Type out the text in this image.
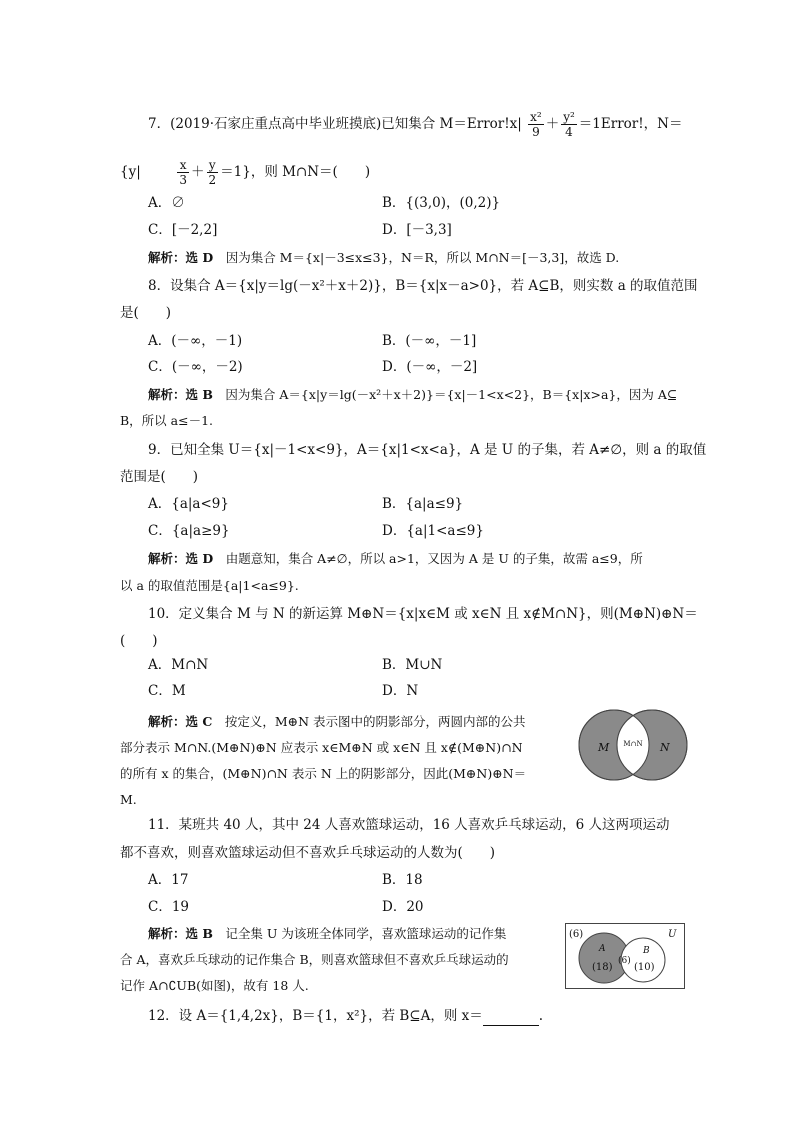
7．(2019·石家庄重点高中毕业班摸底)已知集合 M＝Error!x| $\frac{\text{x²}}{9} + \frac{\text{y²}}{4}$ ＝1Error!，N＝
{y|	$\frac{x}{3} + \frac{y}{2} =1$}，则 M∩N＝(　　)
A．∅	B．{(3,0)，(0,2)}
C．[－2,2]	D．[－3,3]
解析：选 D　因为集合 M＝{x|－3≤x≤3}，N＝R，所以 M∩N＝[－3,3]，故选 D.
8．设集合 A＝{x|y＝lg(－x²＋x＋2)}，B＝{x|x－a>0}，若 A⊆B，则实数 a 的取值范围
是(　　)
A．(－∞，－1)	B．(－∞，－1]
C．(－∞，－2)	D．(－∞，－2]
解析：选 B　因为集合 A＝{x|y＝lg(－x²＋x＋2)}＝{x|－1<x<2}，B＝{x|x>a}，因为 A⊆
B，所以 a≤－1.
9．已知全集 U＝{x|－1<x<9}，A＝{x|1<x<a}，A 是 U 的子集，若 A≠∅，则 a 的取值
范围是(　　)
A．{a|a<9}	B．{a|a≤9}
C．{a|a≥9}	D．{a|1<a≤9}
解析：选 D　由题意知，集合 A≠∅，所以 a>1，又因为 A 是 U 的子集，故需 a≤9，所
以 a 的取值范围是{a|1<a≤9}.
10．定义集合 M 与 N 的新运算 M⊕N＝{x|x∈M 或 x∈N 且 x∉M∩N}，则(M⊕N)⊕N＝
(　　)
A．M∩N	B．M∪N
C．M	D．N
解析：选 C　按定义，M⊕N 表示图中的阴影部分，两圆内部的公共
部分表示 M∩N.(M⊕N)⊕N 应表示 x∈M⊕N 或 x∈N 且 x∉(M⊕N)∩N
的所有 x 的集合，(M⊕N)∩N 表示 N 上的阴影部分，因此(M⊕N)⊕N＝
M.
M M∩N N
11．某班共 40 人，其中 24 人喜欢篮球运动，16 人喜欢乒乓球运动，6 人这两项运动
都不喜欢，则喜欢篮球运动但不喜欢乒乓球运动的人数为(　　)
A．17	B．18
C．19	D．20
解析：选 B　记全集 U 为该班全体同学，喜欢篮球运动的记作集
合 A，喜欢乒乓球动的记作集合 B，则喜欢篮球但不喜欢乒乓球运动的
记作 A∩∁UB(如图)，故有 18 人.
(6)	U
A
(18)
(6)
B
(10)
12．设 A＝{1,4,2x}，B＝{1，x²}，若 B⊆A，则 x＝	.
